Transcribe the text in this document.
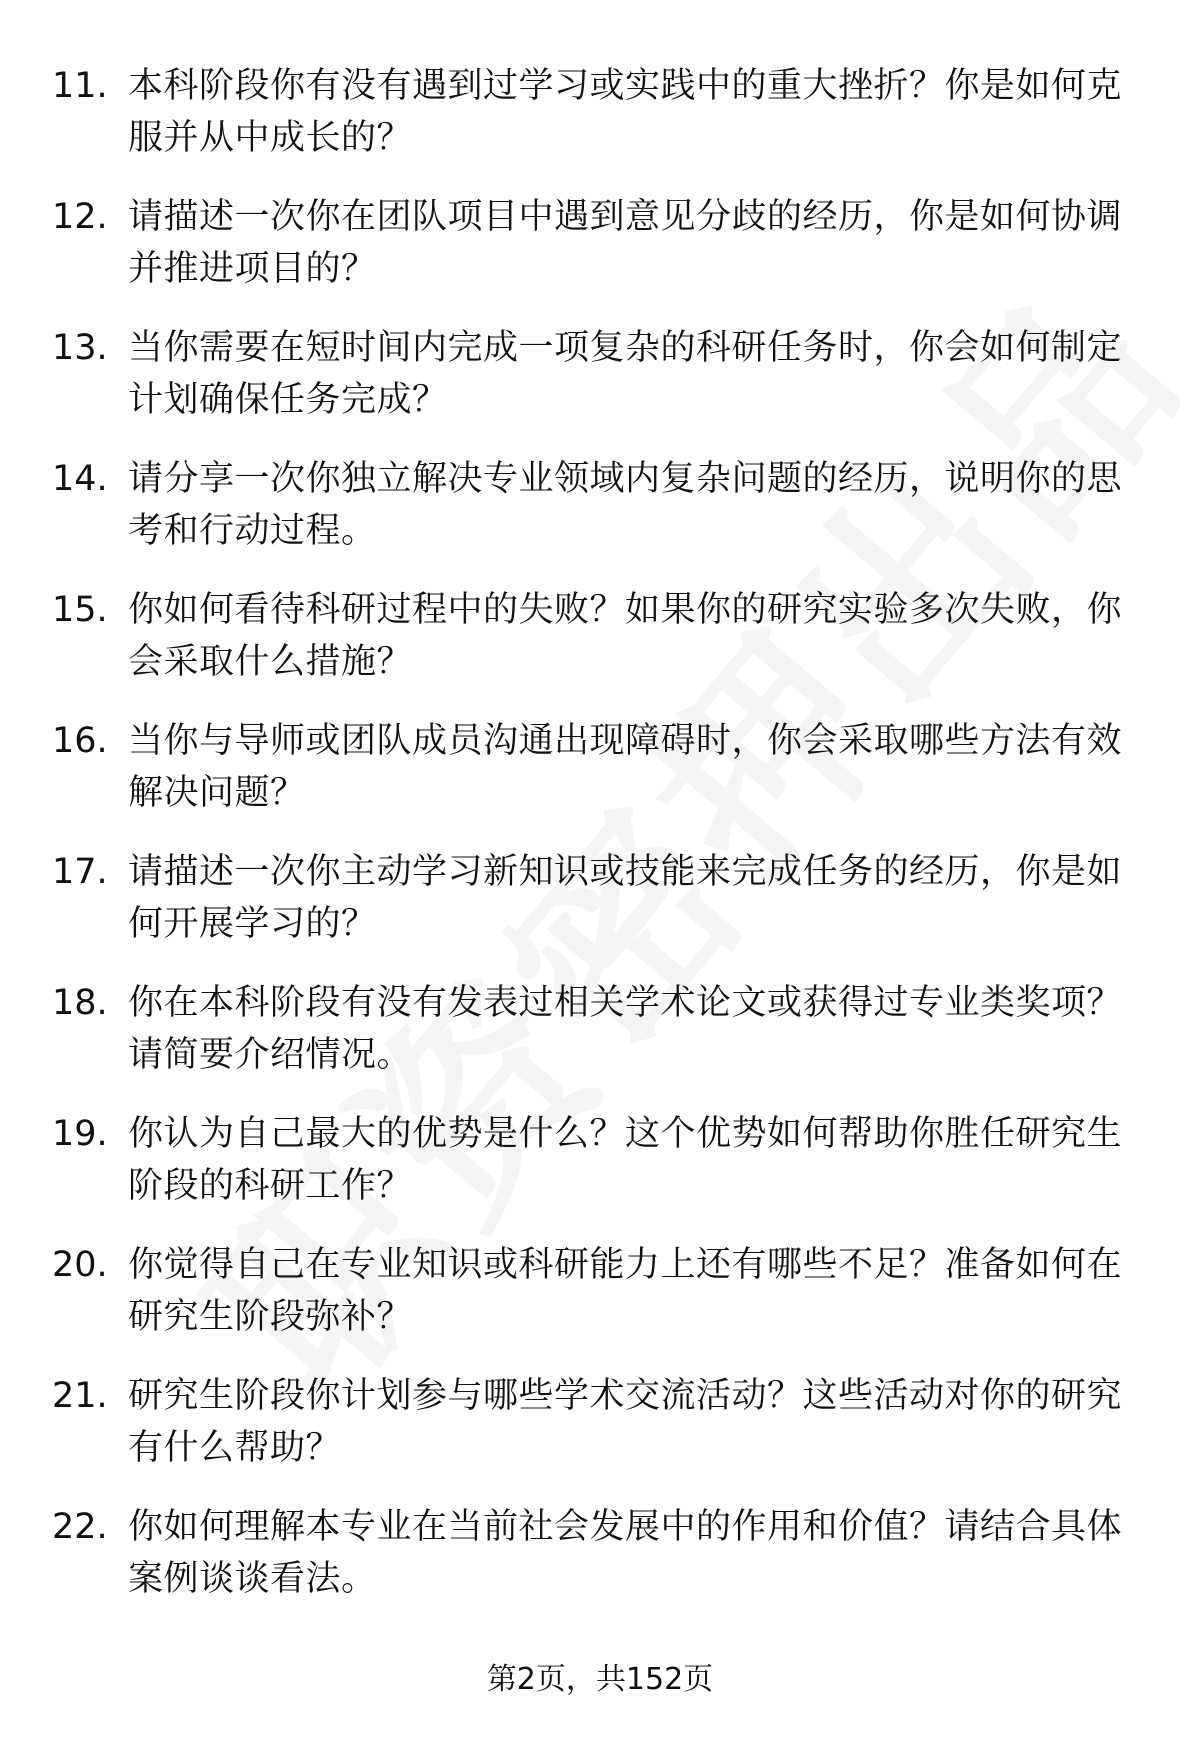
11. 本科阶段你有没有遇到过学习或实践中的重大挫折？你是如何克服并从中成长的？
12. 请描述一次你在团队项目中遇到意见分歧的经历，你是如何协调并推进项目的？
13. 当你需要在短时间内完成一项复杂的科研任务时，你会如何制定计划确保任务完成？
14. 请分享一次你独立解决专业领域内复杂问题的经历，说明你的思考和行动过程。
15. 你如何看待科研过程中的失败？如果你的研究实验多次失败，你会采取什么措施？
16. 当你与导师或团队成员沟通出现障碍时，你会采取哪些方法有效解决问题？
17. 请描述一次你主动学习新知识或技能来完成任务的经历，你是如何开展学习的？
18. 你在本科阶段有没有发表过相关学术论文或获得过专业类奖项？请简要介绍情况。
19. 你认为自己最大的优势是什么？这个优势如何帮助你胜任研究生阶段的科研工作？
20. 你觉得自己在专业知识或科研能力上还有哪些不足？准备如何在研究生阶段弥补？
21. 研究生阶段你计划参与哪些学术交流活动？这些活动对你的研究有什么帮助？
22. 你如何理解本专业在当前社会发展中的作用和价值？请结合具体案例谈谈看法。
第2页，共152页
